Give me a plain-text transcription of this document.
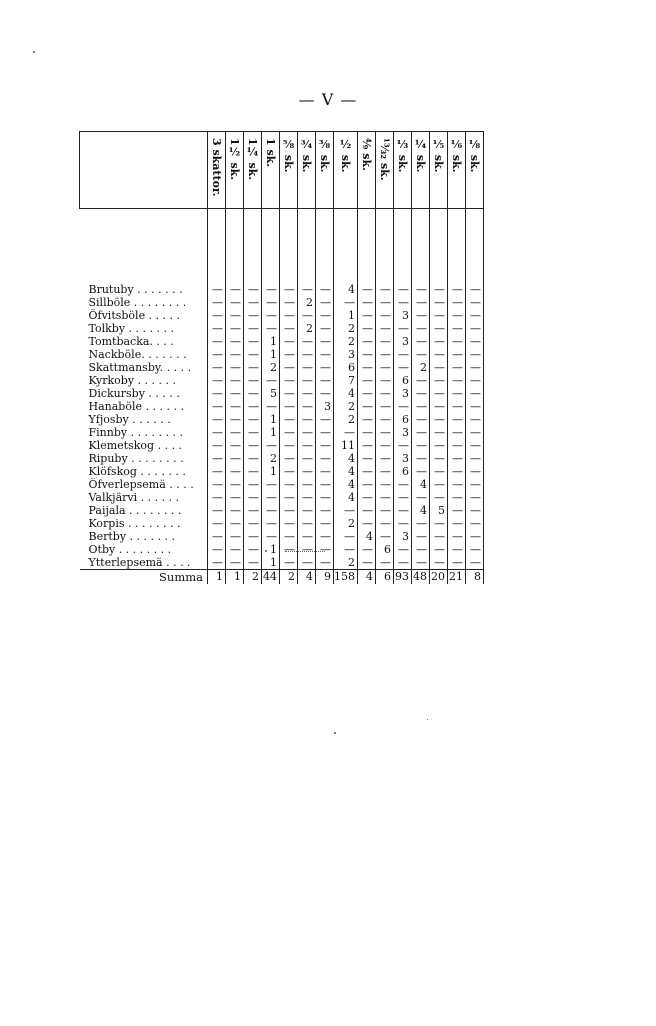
— V —

	3 skattor.	1½ sk.	1¼ sk.	1 sk.	⅝ sk.	¾ sk.	⅜ sk.	½ sk.	⁴⁄₉ sk.	¹³⁄₃₂ sk.	⅓ sk.	¼ sk.	⅕ sk.	⅙ sk.	⅛ sk.

Brutuby . . . . . . .	—	—	—	—	—	—	—	4	—	—	—	—	—	—	—
Sillböle . . . . . . . .	—	—	—	—	—	2	—	—	—	—	—	—	—	—	—
Öfvitsböle . . . . .	—	—	—	—	—	—	—	1	—	—	3	—	—	—	—
Tolkby . . . . . . .	—	—	—	—	—	2	—	2	—	—	—	—	—	—	—
Tomtbacka. . . .	—	—	—	1	—	—	—	2	—	—	3	—	—	—	—
Nackböle. . . . . . .	—	—	—	1	—	—	—	3	—	—	—	—	—	—	—
Skattmansby. . . . .	—	—	—	2	—	—	—	6	—	—	—	2	—	—	—
Kyrkoby . . . . . .	—	—	—	—	—	—	—	7	—	—	6	—	—	—	—
Dickursby . . . . .	—	—	—	5	—	—	—	4	—	—	3	—	—	—	—
Hanaböle . . . . . .	—	—	—	—	—	—	3	2	—	—	—	—	—	—	—
Yfjosby . . . . . .	—	—	—	1	—	—	—	2	—	—	6	—	—	—	—
Finnby . . . . . . . .	—	—	—	1	—	—	—	—	—	—	3	—	—	—	—
Klemetskog . . . .	—	—	—	—	—	—	—	11	—	—	—	—	—	—	—
Ripuby . . . . . . . .	—	—	—	2	—	—	—	4	—	—	3	—	—	—	—
Klöfskog . . . . . . .	—	—	—	1	—	—	—	4	—	—	6	—	—	—	—
Öfverlepsemä . . . .	—	—	—	—	—	—	—	4	—	—	—	4	—	—	—
Valkjärvi . . . . . .	—	—	—	—	—	—	—	4	—	—	—	—	—	—	—
Paijala . . . . . . . .	—	—	—	—	—	—	—	—	—	—	—	4	5	—	—
Korpis . . . . . . . .	—	—	—	—	—	—	—	2	—	—	—	—	—	—	—
Bertby . . . . . . .	—	—	—	—	—	—	—	—	4	—	3	—	—	—	—
Otby . . . . . . . .	—	—	—	1	—	—	—	—	—	6	—	—	—	—	—
Ytterlepsemä . . . .	—	—	—	1	—	—	—	2	—	—	—	—	—	—	—
Summa	1	1	2	44	2	4	9	158	4	6	93	48	20	21	8
